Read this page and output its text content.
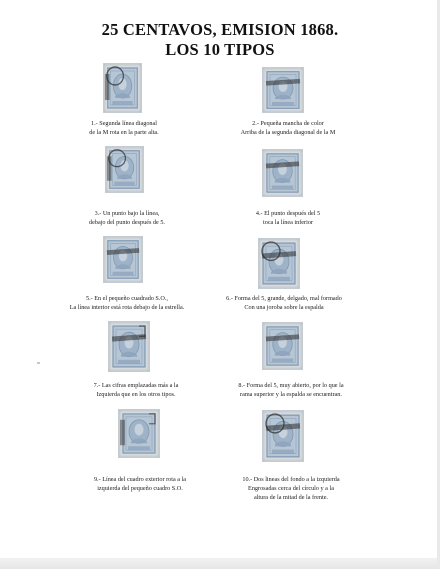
25 CENTAVOS, EMISION 1868.
LOS 10 TIPOS
1.- Segunda línea diagonal
de la M rota en la parte alta.
2.- Pequeña mancha de color
Arriba de la segunda diagonal de la M
3.- Un punto bajo la línea,
debajo del punto después de 5.
4.- El punto después del 5
toca la línea inferior
5.- En el pequeño cuadrado S.O.,
La línea interior está rota debajo de la estrella.
6.- Forma del 5, grande, delgado, mal formado
Con una joroba sobre la espalda
7.- Las cifras emplazadas más a la
Izquierda que en los otros tipos.
8.- Forma del 5, muy abierto, por lo que la
rama superior y la espalda se encuentran.
9.- Línea del cuadro exterior rota a la
izquierda del pequeño cuadro S.O.
10.- Dos lineas del fondo a la izquierda
Engrosadas cerca del círculo y a la
altura de la mitad de la frente.
